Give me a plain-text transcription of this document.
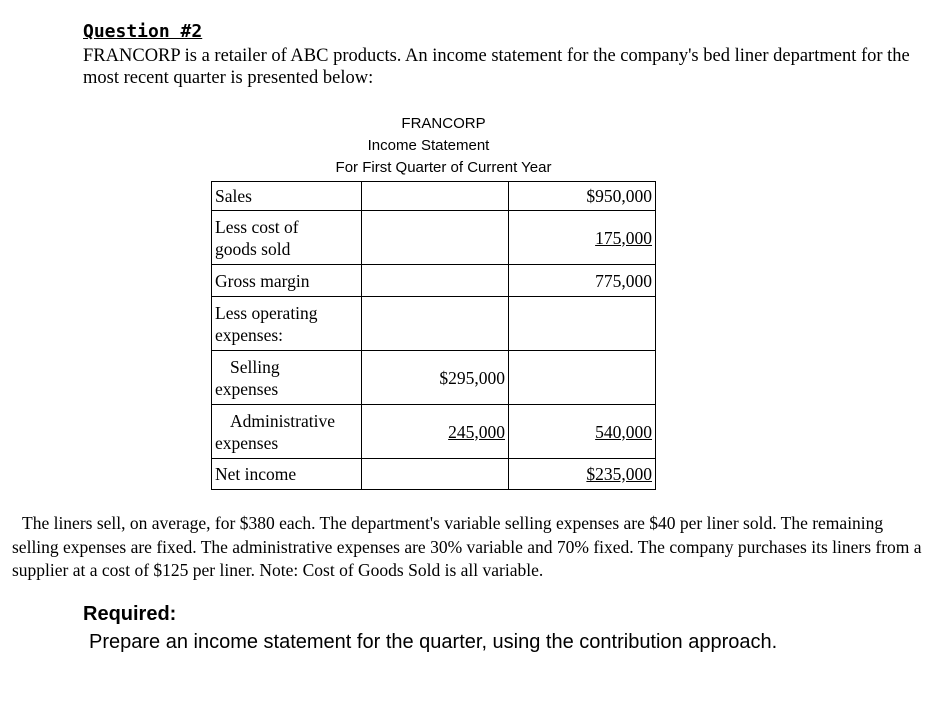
Question #2
FRANCORP is a retailer of ABC products. An income statement for the company's bed liner department for the most recent quarter is presented below:
FRANCORP
Income Statement
For First Quarter of Current Year
Sales		$950,000

Less cost of
goods sold		175,000
Gross margin		775,000

Less operating
expenses:		

Selling
expenses	$295,000	

Administrative
expenses	245,000	540,000
Net income		$235,000
The liners sell, on average, for $380 each. The department's variable selling expenses are $40 per liner sold. The remaining selling expenses are fixed. The administrative expenses are 30% variable and 70% fixed. The company purchases its liners from a supplier at a cost of $125 per liner. Note: Cost of Goods Sold is all variable.
Required:
Prepare an income statement for the quarter, using the contribution approach.
